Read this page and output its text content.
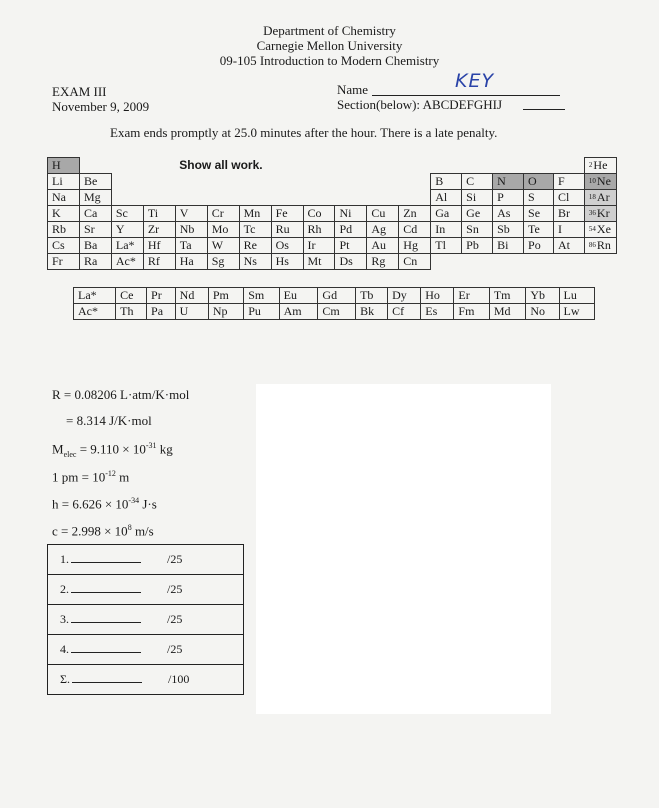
Department of Chemistry
Carnegie Mellon University
09-105 Introduction to Modern Chemistry
EXAM III
November 9, 2009
Name	KEY
Section(below): ABCDEFGHIJ
Exam ends promptly at 25.0 minutes after the hour. There is a late penalty.
H				Show all work.													2He
Li	Be											B	C	N	O	F	10Ne
Na	Mg											Al	Si	P	S	Cl	18Ar
K	Ca	Sc	Ti	V	Cr	Mn	Fe	Co	Ni	Cu	Zn	Ga	Ge	As	Se	Br	36Kr
Rb	Sr	Y	Zr	Nb	Mo	Tc	Ru	Rh	Pd	Ag	Cd	In	Sn	Sb	Te	I	54Xe
Cs	Ba	La*	Hf	Ta	W	Re	Os	Ir	Pt	Au	Hg	Tl	Pb	Bi	Po	At	86Rn
Fr	Ra	Ac*	Rf	Ha	Sg	Ns	Hs	Mt	Ds	Rg	Cn						
La*	Ce	Pr	Nd	Pm	Sm	Eu	Gd	Tb	Dy	Ho	Er	Tm	Yb	Lu
Ac*	Th	Pa	U	Np	Pu	Am	Cm	Bk	Cf	Es	Fm	Md	No	Lw
R = 0.08206 L·atm/K·mol
= 8.314 J/K·mol
$M_{elec} = 9.110 \times 10^{-31}$ kg
1 pm = $10^{-12}$ m
$h = 6.626 \times 10^{-34}$ J·s
$c = 2.998 \times 10^8$ m/s
1.	/25
2.	/25
3.	/25
4.	/25
Σ.	/100
